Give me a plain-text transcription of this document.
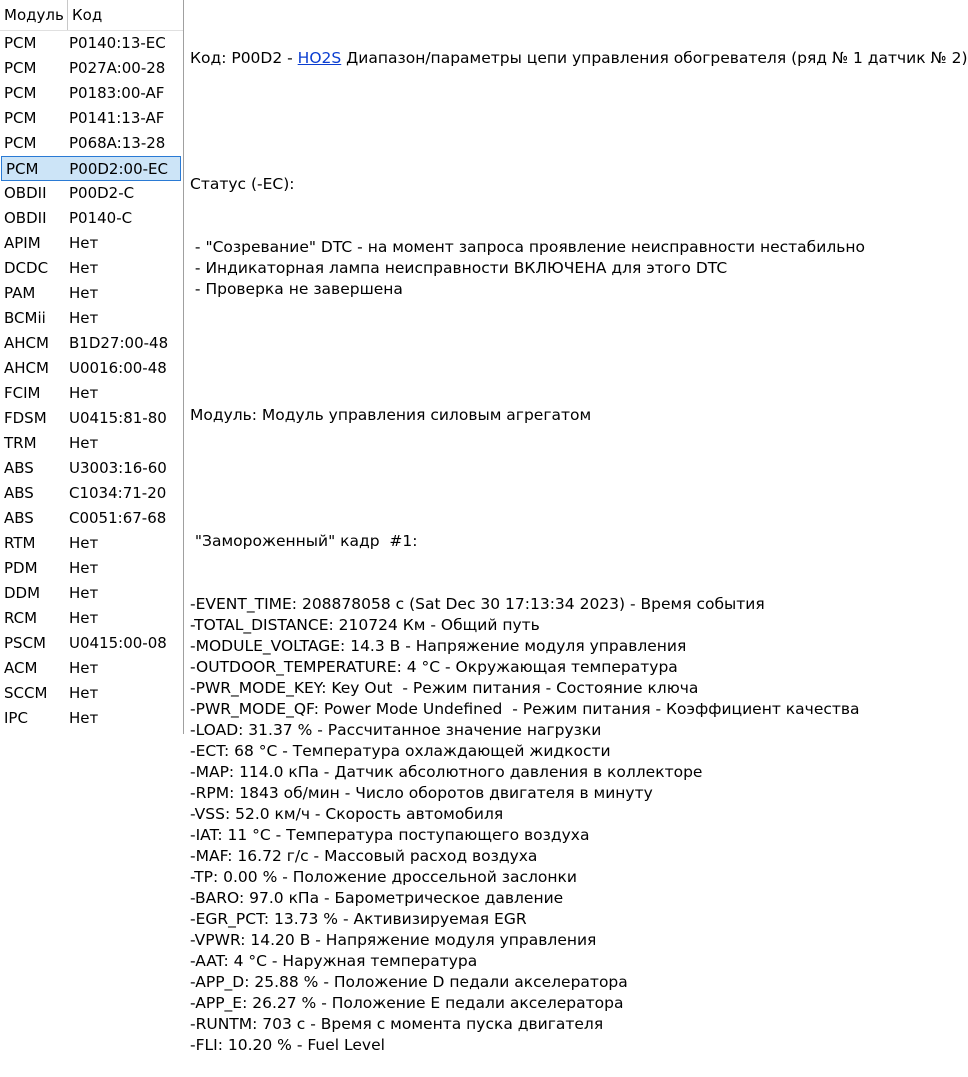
Модуль Код
PCM	P0140:13-EC
PCM	P027A:00-28
PCM	P0183:00-AF
PCM	P0141:13-AF
PCM	P068A:13-28
PCM	P00D2:00-EC
OBDII	P00D2-C
OBDII	P0140-C
APIM	Нет
DCDC	Нет
PAM	Нет
BCMii	Нет
AHCM	B1D27:00-48
AHCM	U0016:00-48
FCIM	Нет
FDSM	U0415:81-80
TRM	Нет
ABS	U3003:16-60
ABS	C1034:71-20
ABS	C0051:67-68
RTM	Нет
PDM	Нет
DDM	Нет
RCM	Нет
PSCM	U0415:00-08
ACM	Нет
SCCM	Нет
IPC	Нет

Код: P00D2 - HO2S Диапазон/параметры цепи управления обогревателя (ряд № 1 датчик № 2)

Статус (-EC):

- "Созревание" DTC - на момент запроса проявление неисправности нестабильно
- Индикаторная лампа неисправности ВКЛЮЧЕНА для этого DTC
- Проверка не завершена

Модуль: Модуль управления силовым агрегатом

"Замороженный" кадр  #1:

-EVENT_TIME: 208878058 с (Sat Dec 30 17:13:34 2023) - Время события
-TOTAL_DISTANCE: 210724 Км - Общий путь
-MODULE_VOLTAGE: 14.3 В - Напряжение модуля управления
-OUTDOOR_TEMPERATURE: 4 °C - Окружающая температура
-PWR_MODE_KEY: Key Out  - Режим питания - Состояние ключа
-PWR_MODE_QF: Power Mode Undefined  - Режим питания - Коэффициент качества
-LOAD: 31.37 % - Рассчитанное значение нагрузки
-ECT: 68 °C - Температура охлаждающей жидкости
-MAP: 114.0 кПа - Датчик абсолютного давления в коллекторе
-RPM: 1843 об/мин - Число оборотов двигателя в минуту
-VSS: 52.0 км/ч - Скорость автомобиля
-IAT: 11 °C - Температура поступающего воздуха
-MAF: 16.72 г/с - Массовый расход воздуха
-TP: 0.00 % - Положение дроссельной заслонки
-BARO: 97.0 кПа - Барометрическое давление
-EGR_PCT: 13.73 % - Активизируемая EGR
-VPWR: 14.20 В - Напряжение модуля управления
-AAT: 4 °C - Наружная температура
-APP_D: 25.88 % - Положение D педали акселератора
-APP_E: 26.27 % - Положение E педали акселератора
-RUNTM: 703 с - Время с момента пуска двигателя
-FLI: 10.20 % - Fuel Level
